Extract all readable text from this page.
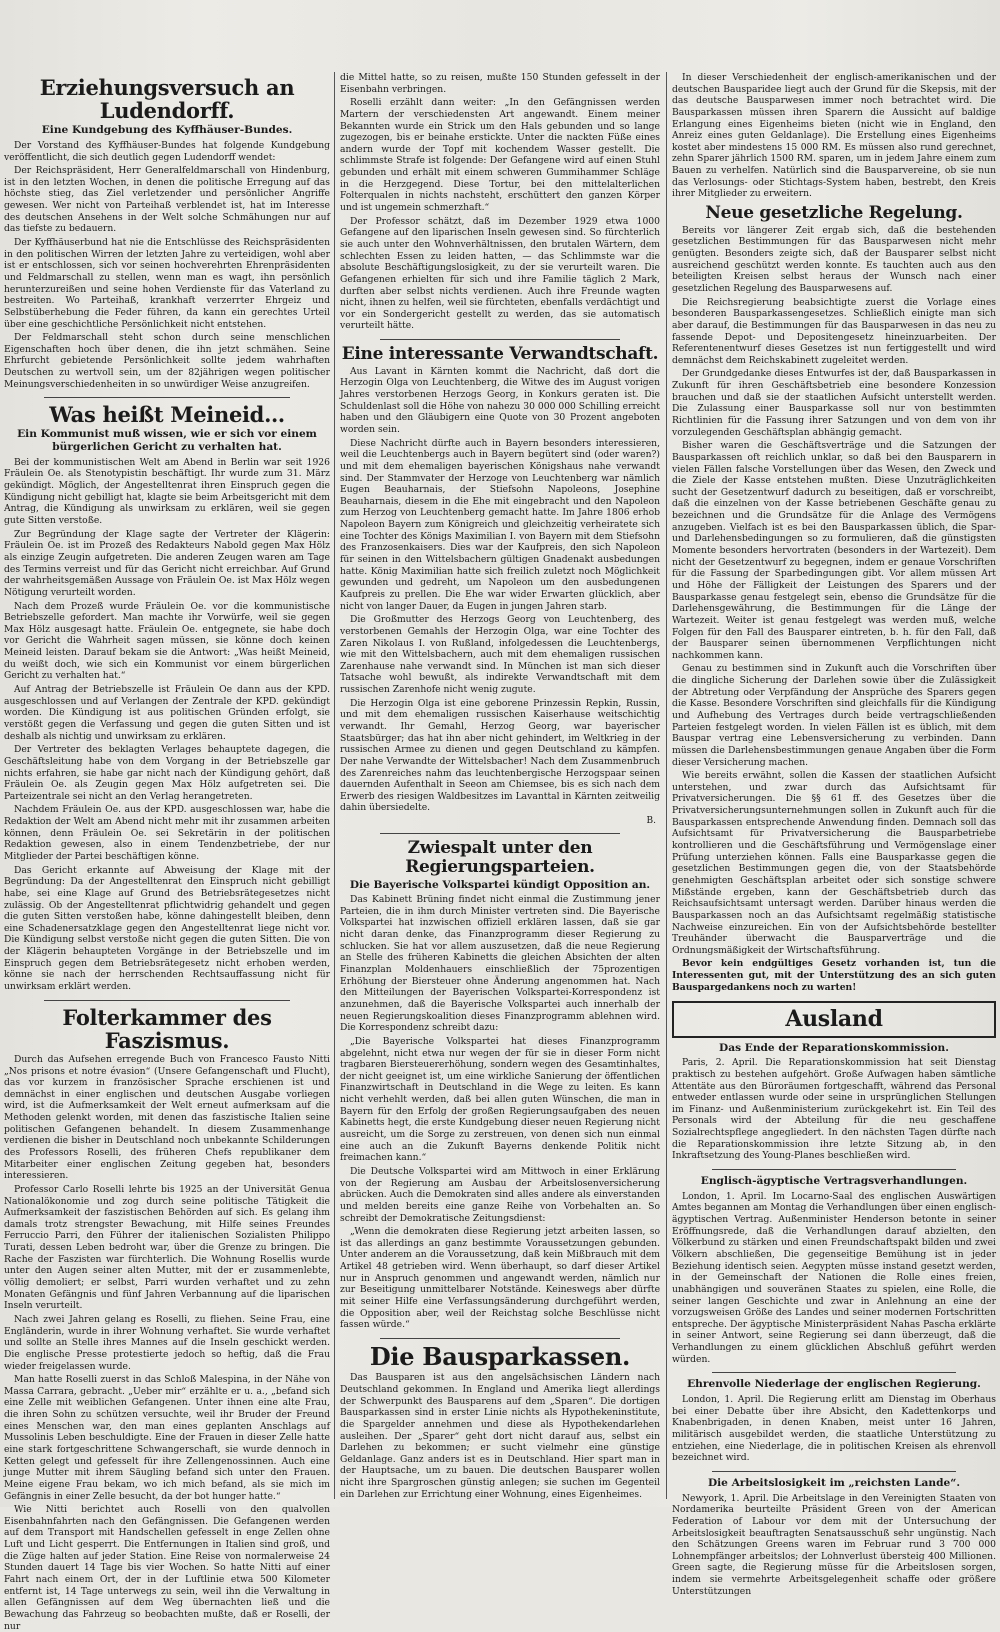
Erziehungsversuch an Ludendorff.
Eine Kundgebung des Kyffhäuser-Bundes.

Der Vorstand des Kyffhäuser-Bundes hat folgende Kundgebung veröffentlicht, die sich deutlich gegen Ludendorff wendet:

Der Reichspräsident, Herr Generalfeldmarschall von Hindenburg, ist in den letzten Wochen, in denen die politische Erregung auf das höchste stieg, das Ziel verletzender und persönlicher Angriffe gewesen. Wer nicht von Parteihaß verblendet ist, hat im Interesse des deutschen Ansehens in der Welt solche Schmähungen nur auf das tiefste zu bedauern.

Der Kyffhäuserbund hat nie die Entschlüsse des Reichspräsidenten in den politischen Wirren der letzten Jahre zu verteidigen, wohl aber ist er entschlossen, sich vor seinen hochverehrten Ehrenpräsidenten und Feldmarschall zu stellen, wenn man es wagt, ihn persönlich herunterzureißen und seine hohen Verdienste für das Vaterland zu bestreiten. Wo Parteihaß, krankhaft verzerrter Ehrgeiz und Selbstüberhebung die Feder führen, da kann ein gerechtes Urteil über eine geschichtliche Persönlichkeit nicht entstehen.

Der Feldmarschall steht schon durch seine menschlichen Eigenschaften hoch über denen, die ihn jetzt schmähen. Seine Ehrfurcht gebietende Persönlichkeit sollte jedem wahrhaften Deutschen zu wertvoll sein, um der 82jährigen wegen politischer Meinungsverschiedenheiten in so unwürdiger Weise anzugreifen.

Was heißt Meineid…
Ein Kommunist muß wissen, wie er sich vor einem bürgerlichen Gericht zu verhalten hat.

Bei der kommunistischen Welt am Abend in Berlin war seit 1926 Fräulein Oe. als Stenotypistin beschäftigt. Ihr wurde zum 31. März gekündigt. Möglich, der Angestelltenrat ihren Einspruch gegen die Kündigung nicht gebilligt hat, klagte sie beim Arbeitsgericht mit dem Antrag, die Kündigung als unwirksam zu erklären, weil sie gegen gute Sitten verstoße.

Zur Begründung der Klage sagte der Vertreter der Klägerin: Fräulein Oe. ist im Prozeß des Redakteurs Nabold gegen Max Hölz als einzige Zeugin aufgetreten. Die anderen Zeugen waren am Tage des Termins verreist und für das Gericht nicht erreichbar. Auf Grund der wahrheitsgemäßen Aussage von Fräulein Oe. ist Max Hölz wegen Nötigung verurteilt worden.

Nach dem Prozeß wurde Fräulein Oe. vor die kommunistische Betriebszelle gefordert. Man machte ihr Vorwürfe, weil sie gegen Max Hölz ausgesagt hatte. Fräulein Oe. entgegnete, sie habe doch vor Gericht die Wahrheit sagen müssen, sie könne doch keinen Meineid leisten. Darauf bekam sie die Antwort: „Was heißt Meineid, du weißt doch, wie sich ein Kommunist vor einem bürgerlichen Gericht zu verhalten hat.“

Auf Antrag der Betriebszelle ist Fräulein Oe dann aus der KPD. ausgeschlossen und auf Verlangen der Zentrale der KPD. gekündigt worden. Die Kündigung ist aus politischen Gründen erfolgt, sie verstößt gegen die Verfassung und gegen die guten Sitten und ist deshalb als nichtig und unwirksam zu erklären.

Der Vertreter des beklagten Verlages behauptete dagegen, die Geschäftsleitung habe von dem Vorgang in der Betriebszelle gar nichts erfahren, sie habe gar nicht nach der Kündigung gehört, daß Fräulein Oe. als Zeugin gegen Max Hölz aufgetreten sei. Die Parteizentrale sei nicht an den Verlag herangetreten.

Nachdem Fräulein Oe. aus der KPD. ausgeschlossen war, habe die Redaktion der Welt am Abend nicht mehr mit ihr zusammen arbeiten können, denn Fräulein Oe. sei Sekretärin in der politischen Redaktion gewesen, also in einem Tendenzbetriebe, der nur Mitglieder der Partei beschäftigen könne.

Das Gericht erkannte auf Abweisung der Klage mit der Begründung: Da der Angestelltenrat den Einspruch nicht gebilligt habe, sei eine Klage auf Grund des Betriebsrätegesetzes nicht zulässig. Ob der Angestelltenrat pflichtwidrig gehandelt und gegen die guten Sitten verstoßen habe, könne dahingestellt bleiben, denn eine Schadenersatzklage gegen den Angestelltenrat liege nicht vor. Die Kündigung selbst verstoße nicht gegen die guten Sitten. Die von der Klägerin behaupteten Vorgänge in der Betriebszelle und im Einspruch gegen dem Betriebsrätegesetz nicht erhoben werden, könne sie nach der herrschenden Rechtsauffassung nicht für unwirksam erklärt werden.

Folterkammer des Faszismus.

Durch das Aufsehen erregende Buch von Francesco Fausto Nitti „Nos prisons et notre évasion“ (Unsere Gefangenschaft und Flucht), das vor kurzem in französischer Sprache erschienen ist und demnächst in einer englischen und deutschen Ausgabe vorliegen wird, ist die Aufmerksamkeit der Welt erneut aufmerksam auf die Methoden gelenkt worden, mit denen das faszistische Italien seine politischen Gefangenen behandelt. In diesem Zusammenhange verdienen die bisher in Deutschland noch unbekannte Schilderungen des Professors Roselli, des früheren Chefs republikaner dem Mitarbeiter einer englischen Zeitung gegeben hat, besonders interessieren.

Professor Carlo Roselli lehrte bis 1925 an der Universität Genua Nationalökonomie und zog durch seine politische Tätigkeit die Aufmerksamkeit der faszistischen Behörden auf sich. Es gelang ihm damals trotz strengster Bewachung, mit Hilfe seines Freundes Ferruccio Parri, den Führer der italienischen Sozialisten Philippo Turati, dessen Leben bedroht war, über die Grenze zu bringen. Die Rache der Faszisten war fürchterlich. Die Wohnung Rosellis wurde unter den Augen seiner alten Mutter, mit der er zusammenlebte, völlig demoliert; er selbst, Parri wurden verhaftet und zu zehn Monaten Gefängnis und fünf Jahren Verbannung auf die liparischen Inseln verurteilt.

Nach zwei Jahren gelang es Roselli, zu fliehen. Seine Frau, eine Engländerin, wurde in ihrer Wohnung verhaftet. Sie wurde verhaftet und sollte an Stelle ihres Mannes auf die Inseln geschickt werden. Die englische Presse protestierte jedoch so heftig, daß die Frau wieder freigelassen wurde.

Man hatte Roselli zuerst in das Schloß Malespina, in der Nähe von Massa Carrara, gebracht. „Ueber mir“ erzählte er u. a., „befand sich eine Zelle mit weiblichen Gefangenen. Unter ihnen eine alte Frau, die ihren Sohn zu schützen versuchte, weil ihr Bruder der Freund eines Menschen war, den man eines geplanten Anschlags auf Mussolinis Leben beschuldigte. Eine der Frauen in dieser Zelle hatte eine stark fortgeschrittene Schwangerschaft, sie wurde dennoch in Ketten gelegt und gefesselt für ihre Zellengenossinnen. Auch eine junge Mutter mit ihrem Säugling befand sich unter den Frauen. Meine eigene Frau bekam, wo ich mich befand, als sie mich im Gefängnis in einer Zelle besucht, da der bot hunger hatte.“

Wie Nitti berichtet auch Roselli von den qualvollen Eisenbahnfahrten nach den Gefängnissen. Die Gefangenen werden auf dem Transport mit Handschellen gefesselt in enge Zellen ohne Luft und Licht gesperrt. Die Entfernungen in Italien sind groß, und die Züge halten auf jeder Station. Eine Reise von normalerweise 24 Stunden dauert 14 Tage bis vier Wochen. So hatte Nitti auf einer Fahrt nach einem Ort, der in der Luftlinie etwa 500 Kilometer entfernt ist, 14 Tage unterwegs zu sein, weil ihn die Verwaltung in allen Gefängnissen auf dem Weg übernachten ließ und die Bewachung das Fahrzeug so beobachten mußte, daß er Roselli, der nur

die Mittel hatte, so zu reisen, mußte 150 Stunden gefesselt in der Eisenbahn verbringen.

Roselli erzählt dann weiter: „In den Gefängnissen werden Martern der verschiedensten Art angewandt. Einem meiner Bekannten wurde ein Strick um den Hals gebunden und so lange zugezogen, bis er beinahe erstickte. Unter die nackten Füße eines andern wurde der Topf mit kochendem Wasser gestellt. Die schlimmste Strafe ist folgende: Der Gefangene wird auf einen Stuhl gebunden und erhält mit einem schweren Gummihammer Schläge in die Herzgegend. Diese Tortur, bei den mittelalterlichen Folterqualen in nichts nachsteht, erschüttert den ganzen Körper und ist ungemein schmerzhaft.“

Der Professor schätzt, daß im Dezember 1929 etwa 1000 Gefangene auf den liparischen Inseln gewesen sind. So fürchterlich sie auch unter den Wohnverhältnissen, den brutalen Wärtern, dem schlechten Essen zu leiden hatten, — das Schlimmste war die absolute Beschäftigungslosigkeit, zu der sie verurteilt waren. Die Gefangenen erhielten für sich und ihre Familie täglich 2 Mark, durften aber selbst nichts verdienen. Auch ihre Freunde wagten nicht, ihnen zu helfen, weil sie fürchteten, ebenfalls verdächtigt und vor ein Sondergericht gestellt zu werden, das sie automatisch verurteilt hätte.

Eine interessante Verwandtschaft.

Aus Lavant in Kärnten kommt die Nachricht, daß dort die Herzogin Olga von Leuchtenberg, die Witwe des im August vorigen Jahres verstorbenen Herzogs Georg, in Konkurs geraten ist. Die Schuldenlast soll die Höhe von nahezu 30 000 000 Schilling erreicht haben und den Gläubigern eine Quote von 30 Prozent angeboten worden sein.

Diese Nachricht dürfte auch in Bayern besonders interessieren, weil die Leuchtenbergs auch in Bayern begütert sind (oder waren?) und mit dem ehemaligen bayerischen Königshaus nahe verwandt sind. Der Stammvater der Herzoge von Leuchtenberg war nämlich Eugen Beauharnais, der Stiefsohn Napoleons, Josephine Beauharnais, diesem in die Ehe mit eingebracht und den Napoleon zum Herzog von Leuchtenberg gemacht hatte. Im Jahre 1806 erhob Napoleon Bayern zum Königreich und gleichzeitig verheiratete sich eine Tochter des Königs Maximilian I. von Bayern mit dem Stiefsohn des Franzosenkaisers. Dies war der Kaufpreis, den sich Napoleon für seinen in den Wittelsbachern gültigen Gnadenakt ausbedungen hatte. König Maximilian hatte sich freilich zuletzt noch Möglichkeit gewunden und gedreht, um Napoleon um den ausbedungenen Kaufpreis zu prellen. Die Ehe war wider Erwarten glücklich, aber nicht von langer Dauer, da Eugen in jungen Jahren starb.

Die Großmutter des Herzogs Georg von Leuchtenberg, des verstorbenen Gemahls der Herzogin Olga, war eine Tochter des Zaren Nikolaus I. von Rußland, infolgedessen die Leuchtenbergs, wie mit den Wittelsbachern, auch mit dem ehemaligen russischen Zarenhause nahe verwandt sind. In München ist man sich dieser Tatsache wohl bewußt, als indirekte Verwandtschaft mit dem russischen Zarenhofe nicht wenig zugute.

Die Herzogin Olga ist eine geborene Prinzessin Repkin, Russin, und mit dem ehemaligen russischen Kaiserhause weitschichtig verwandt. Ihr Gemahl, Herzog Georg, war bayerischer Staatsbürger; das hat ihn aber nicht gehindert, im Weltkrieg in der russischen Armee zu dienen und gegen Deutschland zu kämpfen. Der nahe Verwandte der Wittelsbacher! Nach dem Zusammenbruch des Zarenreiches nahm das leuchtenbergische Herzogspaar seinen dauernden Aufenthalt in Seeon am Chiemsee, bis es sich nach dem Erwerb des riesigen Waldbesitzes im Lavanttal in Kärnten zeitweilig dahin übersiedelte.

B.
Zwiespalt unter den Regierungsparteien.
Die Bayerische Volkspartei kündigt Opposition an.

Das Kabinett Brüning findet nicht einmal die Zustimmung jener Parteien, die in ihm durch Minister vertreten sind. Die Bayerische Volkspartei hat inzwischen offiziell erklären lassen, daß sie gar nicht daran denke, das Finanzprogramm dieser Regierung zu schlucken. Sie hat vor allem auszusetzen, daß die neue Regierung an Stelle des früheren Kabinetts die gleichen Absichten der alten Finanzplan Moldenhauers einschließlich der 75prozentigen Erhöhung der Biersteuer ohne Änderung angenommen hat. Nach den Mitteilungen der Bayerischen Volkspartei-Korrespondenz ist anzunehmen, daß die Bayerische Volkspartei auch innerhalb der neuen Regierungskoalition dieses Finanzprogramm ablehnen wird. Die Korrespondenz schreibt dazu:

„Die Bayerische Volkspartei hat dieses Finanzprogramm abgelehnt, nicht etwa nur wegen der für sie in dieser Form nicht tragbaren Biersteuererhöhung, sondern wegen des Gesamtinhaltes, der nicht geeignet ist, um eine wirkliche Sanierung der öffentlichen Finanzwirtschaft in Deutschland in die Wege zu leiten. Es kann nicht verhehlt werden, daß bei allen guten Wünschen, die man in Bayern für den Erfolg der großen Regierungsaufgaben des neuen Kabinetts hegt, die erste Kundgebung dieser neuen Regierung nicht ausreicht, um die Sorge zu zerstreuen, von denen sich nun einmal eine auch an die Zukunft Bayerns denkende Politik nicht freimachen kann.“

Die Deutsche Volkspartei wird am Mittwoch in einer Erklärung von der Regierung am Ausbau der Arbeitslosenversicherung abrücken. Auch die Demokraten sind alles andere als einverstanden und melden bereits eine ganze Reihe von Vorbehalten an. So schreibt der Demokratische Zeitungsdienst:

„Wenn die demokraten diese Regierung jetzt arbeiten lassen, so ist das allerdings an ganz bestimmte Voraussetzungen gebunden. Unter anderem an die Voraussetzung, daß kein Mißbrauch mit dem Artikel 48 getrieben wird. Wenn überhaupt, so darf dieser Artikel nur in Anspruch genommen und angewandt werden, nämlich nur zur Beseitigung unmittelbarer Notstände. Keineswegs aber dürfte mit seiner Hilfe eine Verfassungsänderung durchgeführt werden, die Opposition aber, weil der Reichstag solche Beschlüsse nicht fassen würde.“

Die Bausparkassen.

Das Bausparen ist aus den angelsächsischen Ländern nach Deutschland gekommen. In England und Amerika liegt allerdings der Schwerpunkt des Bausparens auf dem „Sparen“. Die dortigen Bausparkassen sind in erster Linie nichts als Hypothekeninstitute, die Spargelder annehmen und diese als Hypothekendarlehen ausleihen. Der „Sparer“ geht dort nicht darauf aus, selbst ein Darlehen zu bekommen; er sucht vielmehr eine günstige Geldanlage. Ganz anders ist es in Deutschland. Hier spart man in der Hauptsache, um zu bauen. Die deutschen Bausparer wollen nicht ihre Spargroschen günstig anlegen; sie suchen im Gegenteil ein Darlehen zur Errichtung einer Wohnung, eines Eigenheimes.

In dieser Verschiedenheit der englisch-amerikanischen und der deutschen Bausparidee liegt auch der Grund für die Skepsis, mit der das deutsche Bausparwesen immer noch betrachtet wird. Die Bausparkassen müssen ihren Sparern die Aussicht auf baldige Erlangung eines Eigenheims bieten (nicht wie in England, den Anreiz eines guten Geldanlage). Die Erstellung eines Eigenheims kostet aber mindestens 15 000 RM. Es müssen also rund gerechnet, zehn Sparer jährlich 1500 RM. sparen, um in jedem Jahre einem zum Bauen zu verhelfen. Natürlich sind die Bausparvereine, ob sie nun das Verlosungs- oder Stichtags-System haben, bestrebt, den Kreis ihrer Mitglieder zu erweitern.

Neue gesetzliche Regelung.

Bereits vor längerer Zeit ergab sich, daß die bestehenden gesetzlichen Bestimmungen für das Bausparwesen nicht mehr genügten. Besonders zeigte sich, daß der Bausparer selbst nicht ausreichend geschützt werden konnte. Es tauchten auch aus den beteiligten Kreisen selbst heraus der Wunsch nach einer gesetzlichen Regelung des Bausparwesens auf.

Die Reichsregierung beabsichtigte zuerst die Vorlage eines besonderen Bausparkassengesetzes. Schließlich einigte man sich aber darauf, die Bestimmungen für das Bausparwesen in das neu zu fassende Depot- und Depositengesetz hineinzuarbeiten. Der Referentenentwurf dieses Gesetzes ist nun fertiggestellt und wird demnächst dem Reichskabinett zugeleitet werden.

Der Grundgedanke dieses Entwurfes ist der, daß Bausparkassen in Zukunft für ihren Geschäftsbetrieb eine besondere Konzession brauchen und daß sie der staatlichen Aufsicht unterstellt werden. Die Zulassung einer Bausparkasse soll nur von bestimmten Richtlinien für die Fassung ihrer Satzungen und von dem von ihr vorzulegenden Geschäftsplan abhängig gemacht.

Bisher waren die Geschäftsverträge und die Satzungen der Bausparkassen oft reichlich unklar, so daß bei den Bausparern in vielen Fällen falsche Vorstellungen über das Wesen, den Zweck und die Ziele der Kasse entstehen mußten. Diese Unzuträglichkeiten sucht der Gesetzentwurf dadurch zu beseitigen, daß er vorschreibt, daß die einzelnen von der Kasse betriebenen Geschäfte genau zu bezeichnen und die Grundsätze für die Anlage des Vermögens anzugeben. Vielfach ist es bei den Bausparkassen üblich, die Spar- und Darlehensbedingungen so zu formulieren, daß die günstigsten Momente besonders hervortraten (besonders in der Wartezeit). Dem nicht der Gesetzentwurf zu begegnen, indem er genaue Vorschriften für die Fassung der Sparbedingungen gibt. Vor allem müssen Art und Höhe der Fälligkeit der Leistungen des Sparers und der Bausparkasse genau festgelegt sein, ebenso die Grundsätze für die Darlehensgewährung, die Bestimmungen für die Länge der Wartezeit. Weiter ist genau festgelegt was werden muß, welche Folgen für den Fall des Bausparer eintreten, b. h. für den Fall, daß der Bausparer seinen übernommenen Verpflichtungen nicht nachkommen kann.

Genau zu bestimmen sind in Zukunft auch die Vorschriften über die dingliche Sicherung der Darlehen sowie über die Zulässigkeit der Abtretung oder Verpfändung der Ansprüche des Sparers gegen die Kasse. Besondere Vorschriften sind gleichfalls für die Kündigung und Aufhebung des Vertrages durch beide vertragschließenden Parteien festgelegt worden. In vielen Fällen ist es üblich, mit dem Bauspar vertrag eine Lebensversicherung zu verbinden. Dann müssen die Darlehensbestimmungen genaue Angaben über die Form dieser Versicherung machen.

Wie bereits erwähnt, sollen die Kassen der staatlichen Aufsicht unterstehen, und zwar durch das Aufsichtsamt für Privatversicherungen. Die §§ 61 ff. des Gesetzes über die Privatversicherungsunternehmungen sollen in Zukunft auch für die Bausparkassen entsprechende Anwendung finden. Demnach soll das Aufsichtsamt für Privatversicherung die Bausparbetriebe kontrollieren und die Geschäftsführung und Vermögenslage einer Prüfung unterziehen können. Falls eine Bausparkasse gegen die gesetzlichen Bestimmungen gegen die, von der Staatsbehörde genehmigten Geschäftsplan arbeitet oder sich sonstige schwere Mißstände ergeben, kann der Geschäftsbetrieb durch das Reichsaufsichtsamt untersagt werden. Darüber hinaus werden die Bausparkassen noch an das Aufsichtsamt regelmäßig statistische Nachweise einzureichen. Ein von der Aufsichtsbehörde bestellter Treuhänder überwacht die Bausparverträge und die Ordnungsmäßigkeit der Wirtschaftsführung.

Bevor kein endgültiges Gesetz vorhanden ist, tun die Interessenten gut, mit der Unterstützung des an sich guten Bauspargedankens noch zu warten!

Ausland
Das Ende der Reparationskommission.

Paris, 2. April. Die Reparationskommission hat seit Dienstag praktisch zu bestehen aufgehört. Große Aufwagen haben sämtliche Attentäte aus den Büroräumen fortgeschafft, während das Personal entweder entlassen wurde oder seine in ursprünglichen Stellungen im Finanz- und Außenministerium zurückgekehrt ist. Ein Teil des Personals wird der Abteilung für die neu geschaffene Sozialrechtspflege angegliedert. In den nächsten Tagen dürfte nach die Reparationskommission ihre letzte Sitzung ab, in den Inkraftsetzung des Young-Planes beschließen wird.

Englisch-ägyptische Vertragsverhandlungen.

London, 1. April. Im Locarno-Saal des englischen Auswärtigen Amtes begannen am Montag die Verhandlungen über einen englisch-ägyptischen Vertrag. Außenminister Henderson betonte in seiner Eröffnungsrede, daß die Verhandlungen darauf abzielten, den Völkerbund zu stärken und einen Freundschaftspakt bilden und zwei Völkern abschließen, Die gegenseitige Bemühung ist in jeder Beziehung identisch seien. Aegypten müsse instand gesetzt werden, in der Gemeinschaft der Nationen die Rolle eines freien, unabhängigen und souveränen Staates zu spielen, eine Rolle, die seiner langen Geschichte und zwar in Anlehnung an eine der vorzugsweisen Größe des Landes und seiner modernen Fortschritten entspreche. Der ägyptische Ministerpräsident Nahas Pascha erklärte in seiner Antwort, seine Regierung sei dann überzeugt, daß die Verhandlungen zu einem glücklichen Abschluß geführt werden würden.

Ehrenvolle Niederlage der englischen Regierung.

London, 1. April. Die Regierung erlitt am Dienstag im Oberhaus bei einer Debatte über ihre Absicht, den Kadettenkorps und Knabenbrigaden, in denen Knaben, meist unter 16 Jahren, militärisch ausgebildet werden, die staatliche Unterstützung zu entziehen, eine Niederlage, die in politischen Kreisen als ehrenvoll bezeichnet wird.

Die Arbeitslosigkeit im „reichsten Lande“.

Newyork, 1. April. Die Arbeitslage in den Vereinigten Staaten von Nordamerika beurteilte Präsident Green von der American Federation of Labour vor dem mit der Untersuchung der Arbeitslosigkeit beauftragten Senatsausschuß sehr ungünstig. Nach den Schätzungen Greens waren im Februar rund 3 700 000 Lohnempfänger arbeitslos; der Lohnverlust übersteig 400 Millionen. Green sagte, die Regierung müsse für die Arbeitslosen sorgen, indem sie vermehrte Arbeitsgelegenheit schaffe oder größere Unterstützungen
